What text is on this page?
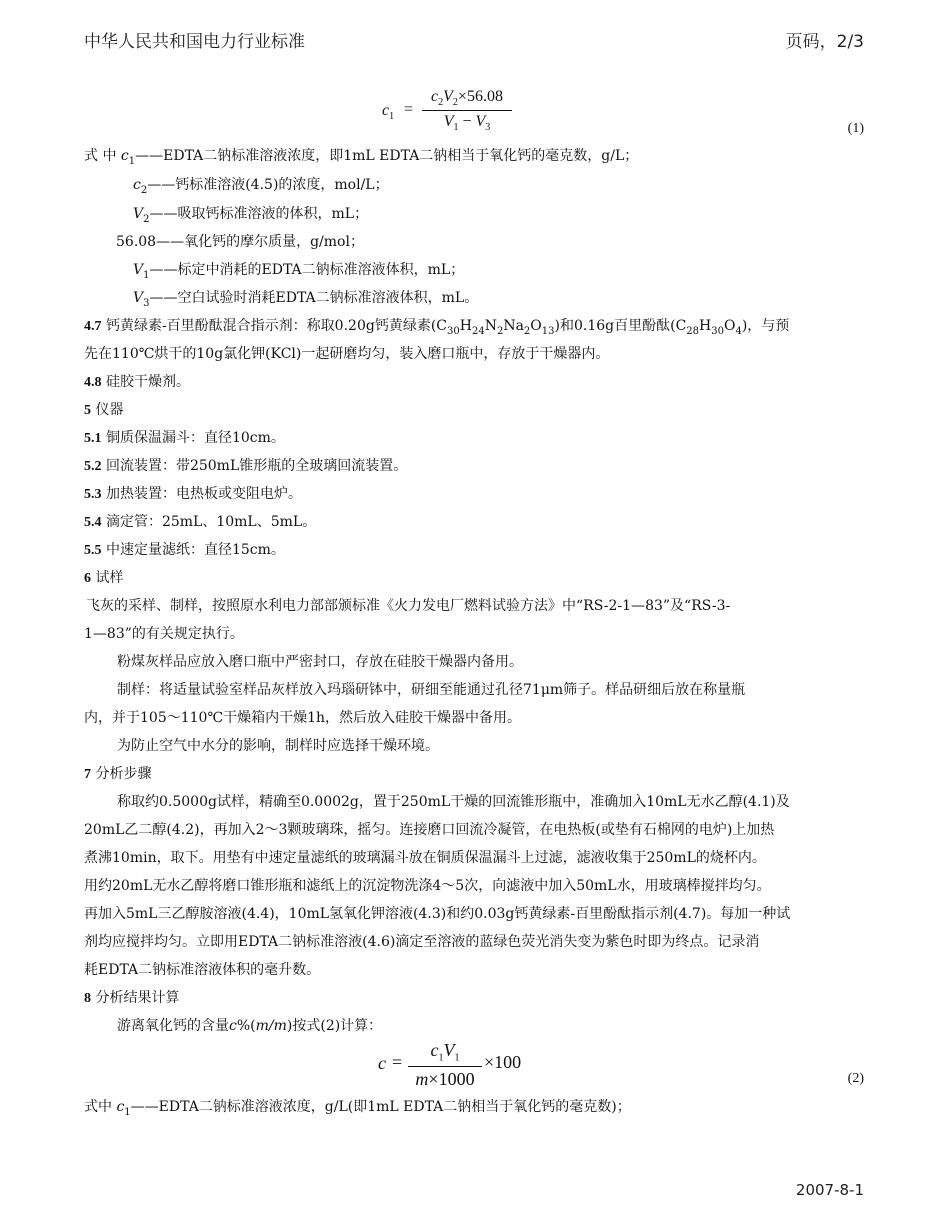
中华人民共和国电力行业标准	页码，2/3
$c_1$ =
$c_2V_2\times 56.08$
$V_1 - V_3$	(1)
式 中 $c_1——EDTA$二钠标准溶液浓度，即1mL EDTA二钠相当于氧化钙的毫克数，g/L；
$c_2——$钙标准溶液(4.5)的浓度，mol/L；
$V_2——$吸取钙标准溶液的体积，mL；
56.08——氧化钙的摩尔质量，g/mol；
$V_1——$标定中消耗的EDTA二钠标准溶液体积，mL；
$V_3——$空白试验时消耗EDTA二钠标准溶液体积，mL。
4.7 钙黄绿素-百里酚酞混合指示剂：称取0.20g钙黄绿素$(C_{30}H_{24}N_2Na_2O_{13})$和0.16g百里酚酞$(C_{28}H_{30}O_4)$，与预
先在110℃烘干的10g氯化钾(KCl)一起研磨均匀，装入磨口瓶中，存放于干燥器内。
4.8 硅胶干燥剂。
5 仪器
5.1 铜质保温漏斗：直径10cm。
5.2 回流装置：带250mL锥形瓶的全玻璃回流装置。
5.3 加热装置：电热板或变阻电炉。
5.4 滴定管：25mL、10mL、5mL。
5.5 中速定量滤纸：直径15cm。
6 试样
飞灰的采样、制样，按照原水利电力部部颁标准《火力发电厂燃料试验方法》中“RS-2-1—83”及“RS-3-
1—83”的有关规定执行。
粉煤灰样品应放入磨口瓶中严密封口，存放在硅胶干燥器内备用。
制样：将适量试验室样品灰样放入玛瑙研钵中，研细至能通过孔径71μm筛子。样品研细后放在称量瓶
内，并于105～110℃干燥箱内干燥1h，然后放入硅胶干燥器中备用。
为防止空气中水分的影响，制样时应选择干燥环境。
7 分析步骤
称取约0.5000g试样，精确至0.0002g，置于250mL干燥的回流锥形瓶中，准确加入10mL无水乙醇(4.1)及
20mL乙二醇(4.2)，再加入2～3颗玻璃珠，摇匀。连接磨口回流冷凝管，在电热板(或垫有石棉网的电炉)上加热
煮沸10min，取下。用垫有中速定量滤纸的玻璃漏斗放在铜质保温漏斗上过滤，滤液收集于250mL的烧杯内。
用约20mL无水乙醇将磨口锥形瓶和滤纸上的沉淀物洗涤4～5次，向滤液中加入50mL水，用玻璃棒搅拌均匀。
再加入5mL三乙醇胺溶液(4.4)，10mL氢氧化钾溶液(4.3)和约0.03g钙黄绿素-百里酚酞指示剂(4.7)。每加一种试
剂均应搅拌均匀。立即用EDTA二钠标准溶液(4.6)滴定至溶液的蓝绿色荧光消失变为紫色时即为终点。记录消
耗EDTA二钠标准溶液体积的毫升数。
8 分析结果计算
游离氧化钙的含量c%(m/m)按式(2)计算：
c =
$c_1V_1$
m×1000
×100
(2)
式中 $c_1——EDTA$二钠标准溶液浓度，g/L(即1mL EDTA二钠相当于氧化钙的毫克数)；
2007-8-1
